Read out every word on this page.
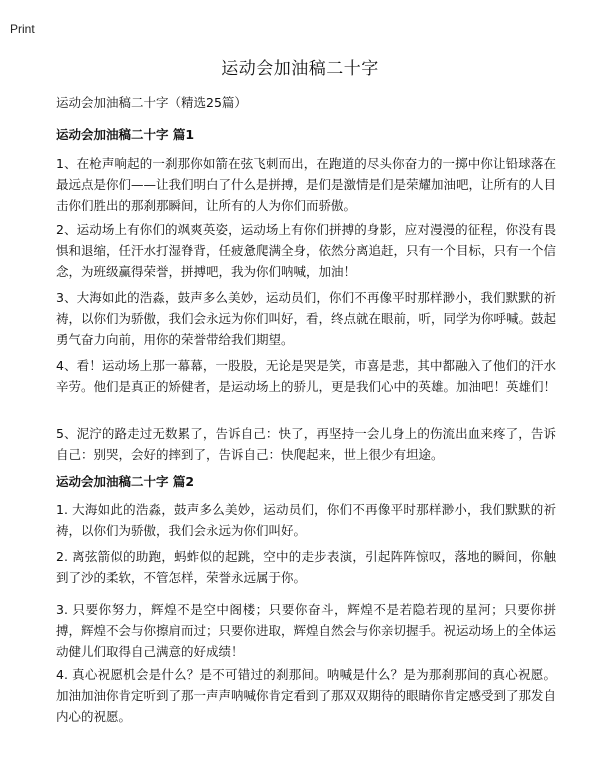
Print
运动会加油稿二十字

运动会加油稿二十字（精选25篇）

运动会加油稿二十字 篇1

1、在枪声响起的一刹那你如箭在弦飞刺而出，在跑道的尽头你奋力的一掷中你让铅球落在最远点是你们——让我们明白了什么是拼搏，是们是激情是们是荣耀加油吧，让所有的人目击你们胜出的那刹那瞬间，让所有的人为你们而骄傲。

2、运动场上有你们的飒爽英姿，运动场上有你们拼搏的身影，应对漫漫的征程，你没有畏惧和退缩，任汗水打湿脊背，任疲惫爬满全身，依然分离追赶，只有一个目标，只有一个信念，为班级赢得荣誉，拼搏吧，我为你们呐喊，加油！

3、大海如此的浩淼，鼓声多么美妙，运动员们，你们不再像平时那样渺小，我们默默的祈祷，以你们为骄傲，我们会永远为你们叫好，看，终点就在眼前，听，同学为你呼喊。鼓起勇气奋力向前，用你的荣誉带给我们期望。

4、看！运动场上那一幕幕，一股股，无论是哭是笑，市喜是悲，其中都融入了他们的汗水辛劳。他们是真正的矫健者，是运动场上的骄儿，更是我们心中的英雄。加油吧！英雄们！

5、泥泞的路走过无数累了，告诉自己：快了，再坚持一会儿身上的伤流出血来疼了，告诉自己：别哭，会好的摔到了，告诉自己：快爬起来，世上很少有坦途。

运动会加油稿二十字 篇2

1. 大海如此的浩淼，鼓声多么美妙，运动员们，你们不再像平时那样渺小，我们默默的祈祷，以你们为骄傲，我们会永远为你们叫好。

2. 离弦箭似的助跑，蚂蚱似的起跳，空中的走步表演，引起阵阵惊叹，落地的瞬间，你触到了沙的柔软，不管怎样，荣誉永远属于你。

3. 只要你努力，辉煌不是空中阁楼；只要你奋斗，辉煌不是若隐若现的星河；只要你拼搏，辉煌不会与你擦肩而过；只要你进取，辉煌自然会与你亲切握手。祝运动场上的全体运动健儿们取得自己满意的好成绩！

4. 真心祝愿机会是什么？是不可错过的刹那间。呐喊是什么？是为那刹那间的真心祝愿。加油加油你肯定听到了那一声声呐喊你肯定看到了那双双期待的眼睛你肯定感受到了那发自内心的祝愿。
